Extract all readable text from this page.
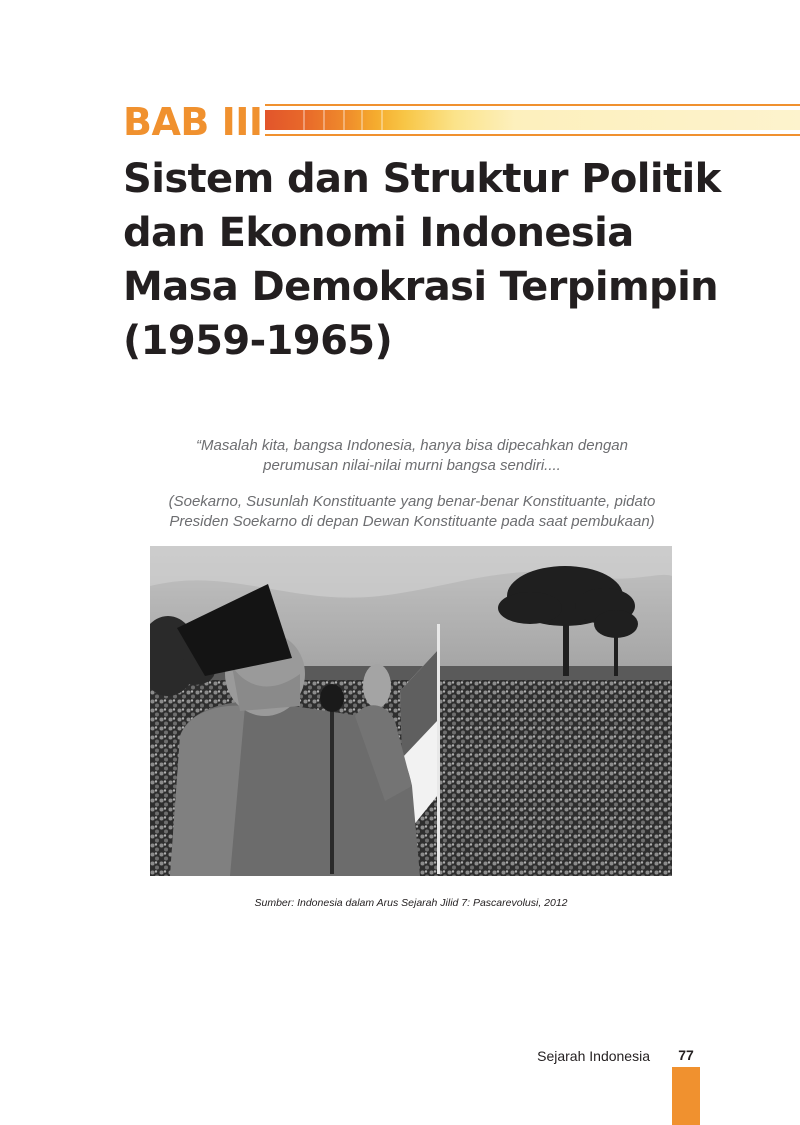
BAB III
Sistem dan Struktur Politik
dan Ekonomi Indonesia
Masa Demokrasi Terpimpin
(1959-1965)

“Masalah kita, bangsa Indonesia, hanya bisa dipecahkan dengan

perumusan nilai-nilai murni bangsa sendiri....

(Soekarno, Susunlah Konstituante yang benar-benar Konstituante, pidato

Presiden Soekarno di depan Dewan Konstituante pada saat pembukaan)

Sumber: Indonesia dalam Arus Sejarah Jilid 7: Pascarevolusi, 2012
Sejarah Indonesia	77
